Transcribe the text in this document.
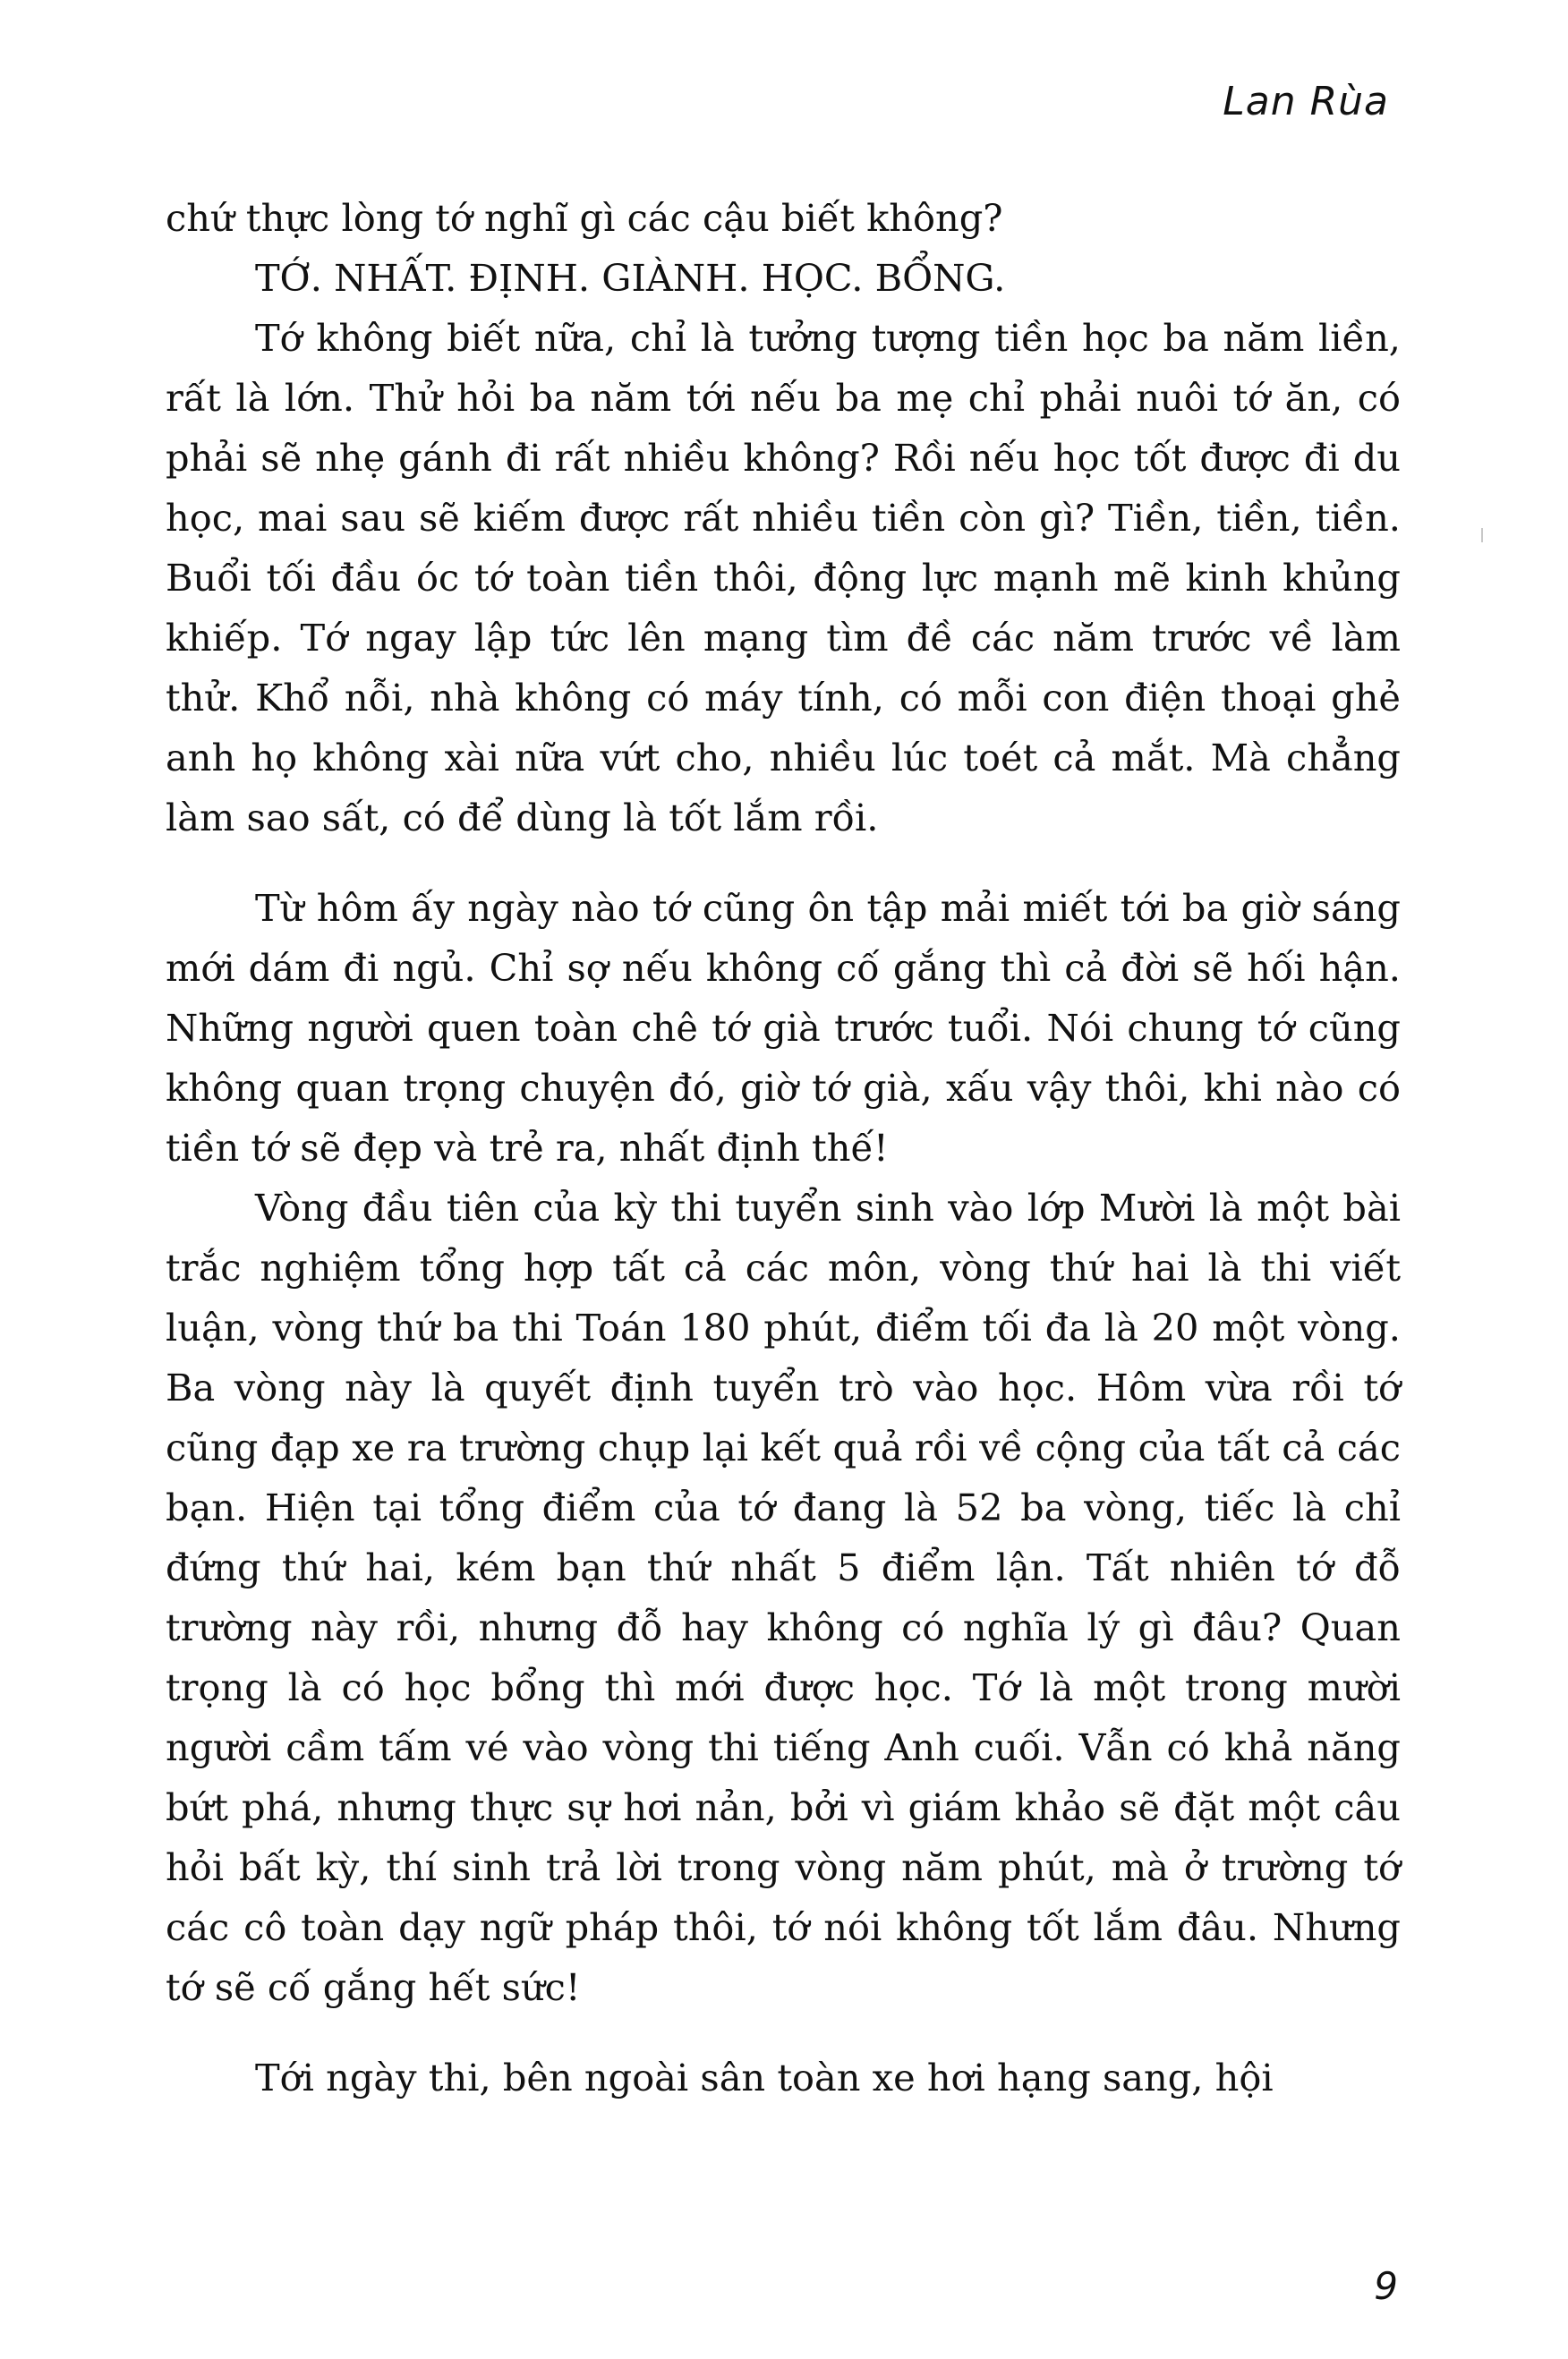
Lan Rùa

chứ thực lòng tớ nghĩ gì các cậu biết không?

TỚ. NHẤT. ĐỊNH. GIÀNH. HỌC. BỔNG.

Tớ không biết nữa, chỉ là tưởng tượng tiền học ba năm liền, rất là lớn. Thử hỏi ba năm tới nếu ba mẹ chỉ phải nuôi tớ ăn, có phải sẽ nhẹ gánh đi rất nhiều không? Rồi nếu học tốt được đi du học, mai sau sẽ kiếm được rất nhiều tiền còn gì? Tiền, tiền, tiền. Buổi tối đầu óc tớ toàn tiền thôi, động lực mạnh mẽ kinh khủng khiếp. Tớ ngay lập tức lên mạng tìm đề các năm trước về làm thử. Khổ nỗi, nhà không có máy tính, có mỗi con điện thoại ghẻ anh họ không xài nữa vứt cho, nhiều lúc toét cả mắt. Mà chẳng làm sao sất, có để dùng là tốt lắm rồi.

Từ hôm ấy ngày nào tớ cũng ôn tập mải miết tới ba giờ sáng mới dám đi ngủ. Chỉ sợ nếu không cố gắng thì cả đời sẽ hối hận. Những người quen toàn chê tớ già trước tuổi. Nói chung tớ cũng không quan trọng chuyện đó, giờ tớ già, xấu vậy thôi, khi nào có tiền tớ sẽ đẹp và trẻ ra, nhất định thế!

Vòng đầu tiên của kỳ thi tuyển sinh vào lớp Mười là một bài trắc nghiệm tổng hợp tất cả các môn, vòng thứ hai là thi viết luận, vòng thứ ba thi Toán 180 phút, điểm tối đa là 20 một vòng. Ba vòng này là quyết định tuyển trò vào học. Hôm vừa rồi tớ cũng đạp xe ra trường chụp lại kết quả rồi về cộng của tất cả các bạn. Hiện tại tổng điểm của tớ đang là 52 ba vòng, tiếc là chỉ đứng thứ hai, kém bạn thứ nhất 5 điểm lận. Tất nhiên tớ đỗ trường này rồi, nhưng đỗ hay không có nghĩa lý gì đâu? Quan trọng là có học bổng thì mới được học. Tớ là một trong mười người cầm tấm vé vào vòng thi tiếng Anh cuối. Vẫn có khả năng bứt phá, nhưng thực sự hơi nản, bởi vì giám khảo sẽ đặt một câu hỏi bất kỳ, thí sinh trả lời trong vòng năm phút, mà ở trường tớ các cô toàn dạy ngữ pháp thôi, tớ nói không tốt lắm đâu. Nhưng tớ sẽ cố gắng hết sức!

Tới ngày thi, bên ngoài sân toàn xe hơi hạng sang, hội

9
